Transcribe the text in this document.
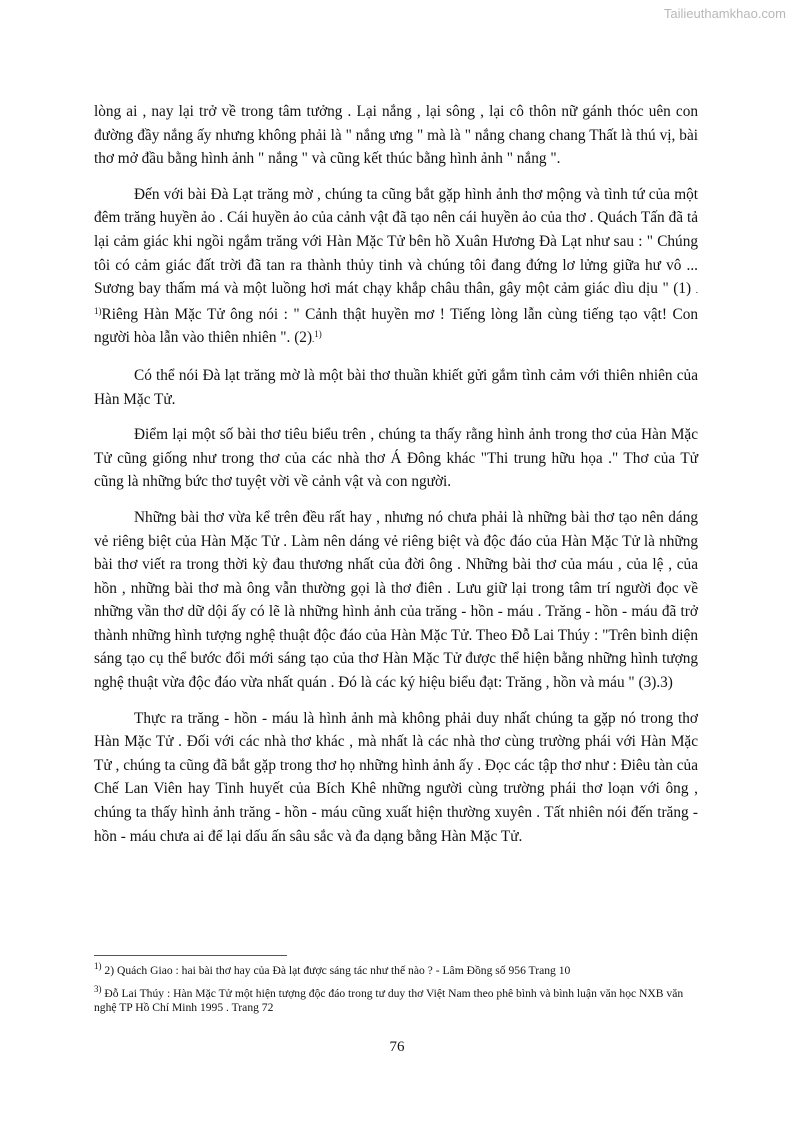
Tailieuthamkhao.com

lòng ai , nay lại trở về trong tâm tưởng . Lại nắng , lại sông , lại cô thôn nữ gánh thóc uên con đường đầy nắng ấy nhưng không phải là " nắng ưng " mà là " nắng chang chang Thất là thú vị, bài thơ mở đầu bằng hình ảnh " nắng " và cũng kết thúc bằng hình ảnh " nắng ".

Đến với bài Đà Lạt trăng mờ , chúng ta cũng bắt gặp hình ảnh thơ mộng và tình tứ của một đêm trăng huyền ảo . Cái huyền ảo của cảnh vật đã tạo nên cái huyền ảo của thơ . Quách Tấn đã tả lại cảm giác khi ngồi ngắm trăng với Hàn Mặc Tử bên hồ Xuân Hương Đà Lạt như sau : " Chúng tôi có cảm giác đất trời đã tan ra thành thủy tinh và chúng tôi đang đứng lơ lửng giữa hư vô ... Sương bay thấm má và một luồng hơi mát chạy khắp châu thân, gây một cảm giác dìu dịu " (1) . $^{1)}$Riêng Hàn Mặc Tử ông nói : " Cảnh thật huyền mơ ! Tiếng lòng lẫn cùng tiếng tạo vật! Con người hòa lẫn vào thiên nhiên ". (2).$^{1)}$

Có thể nói Đà lạt trăng mờ là một bài thơ thuần khiết gửi gắm tình cảm với thiên nhiên của Hàn Mặc Tử.

Điểm lại một số bài thơ tiêu biểu trên , chúng ta thấy rằng hình ảnh trong thơ của Hàn Mặc Tử cũng giống như trong thơ của các nhà thơ Á Đông khác "Thi trung hữu họa ." Thơ của Tử cũng là những bức thơ tuyệt vời về cảnh vật và con người.

Những bài thơ vừa kể trên đều rất hay , nhưng nó chưa phải là những bài thơ tạo nên dáng vẻ riêng biệt của Hàn Mặc Tử . Làm nên dáng vẻ riêng biệt và độc đáo của Hàn Mặc Tử là những bài thơ viết ra trong thời kỳ đau thương nhất của đời ông . Những bài thơ của máu , của lệ , của hồn , những bài thơ mà ông vẫn thường gọi là thơ điên . Lưu giữ lại trong tâm trí người đọc về những vần thơ dữ dội ấy có lẽ là những hình ảnh của trăng - hồn - máu . Trăng - hồn - máu đã trở thành những hình tượng nghệ thuật độc đáo của Hàn Mặc Tử. Theo Đỗ Lai Thúy : "Trên bình diện sáng tạo cụ thể bước đổi mới sáng tạo của thơ Hàn Mặc Tử được thể hiện bằng những hình tượng nghệ thuật vừa độc đáo vừa nhất quán . Đó là các ký hiệu biểu đạt: Trăng , hồn và máu " (3).3)

Thực ra trăng - hồn - máu là hình ảnh mà không phải duy nhất chúng ta gặp nó trong thơ Hàn Mặc Tử . Đối với các nhà thơ khác , mà nhất là các nhà thơ cùng trường phái với Hàn Mặc Tử , chúng ta cũng đã bắt gặp trong thơ họ những hình ảnh ấy . Đọc các tập thơ như : Điêu tàn của Chế Lan Viên hay Tinh huyết của Bích Khê những người cùng trường phái thơ loạn với ông , chúng ta thấy hình ảnh trăng - hồn - máu cũng xuất hiện thường xuyên . Tất nhiên nói đến trăng - hồn - máu chưa ai để lại dấu ấn sâu sắc và đa dạng bằng Hàn Mặc Tử.

$^{1)}$ 2) Quách Giao : hai bài thơ hay của Đà lạt được sáng tác như thế nào ? - Lâm Đồng số 956 Trang 10

$^{3)}$ Đỗ Lai Thúy : Hàn Mặc Tử một hiện tượng độc đáo trong tư duy thơ Việt Nam theo phê bình và bình luận văn học NXB văn nghệ TP Hồ Chí Minh 1995 . Trang 72

76
